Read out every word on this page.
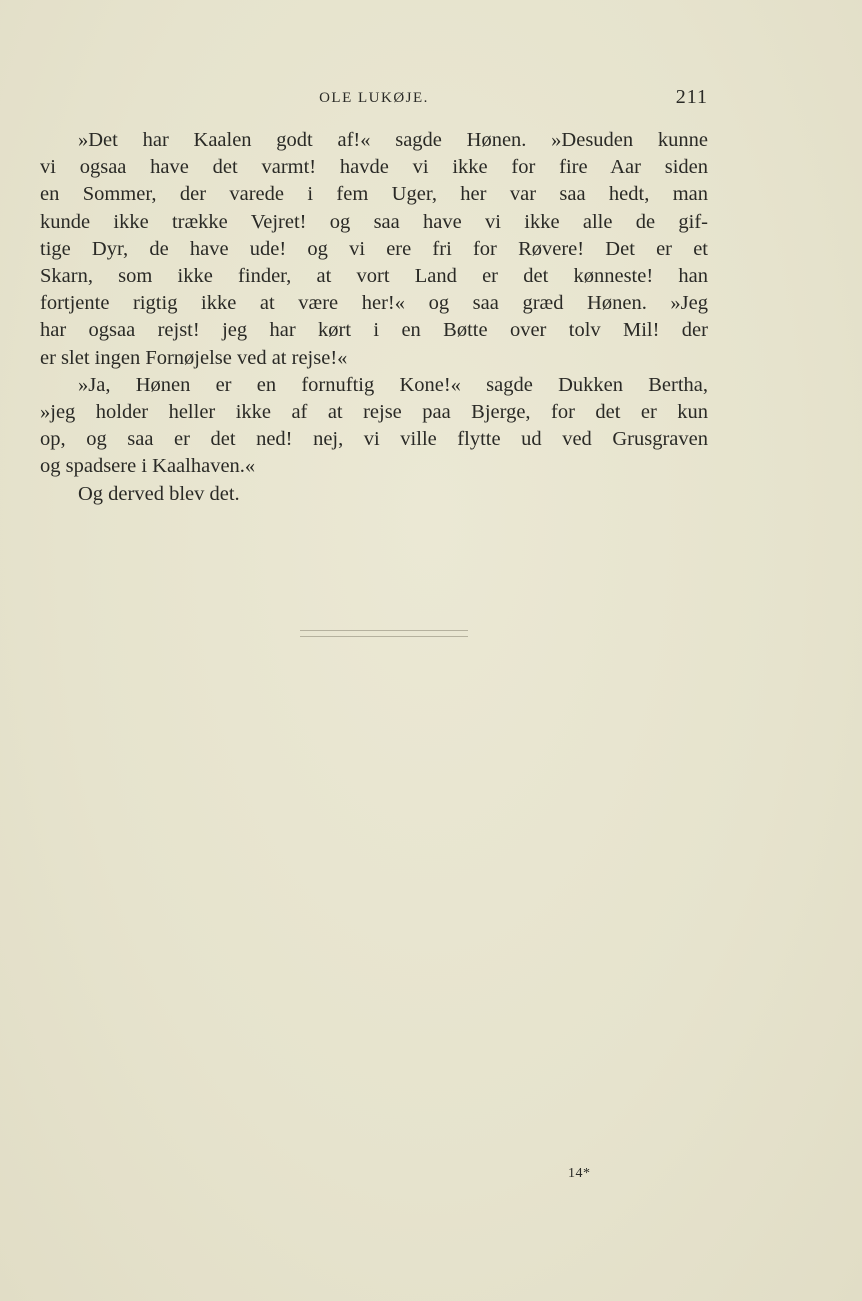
OLE LUKØJE.	211
»Det har Kaalen godt af!« sagde Hønen. »Desuden kunne
vi ogsaa have det varmt! havde vi ikke for fire Aar siden
en Sommer, der varede i fem Uger, her var saa hedt, man
kunde ikke trække Vejret! og saa have vi ikke alle de gif-
tige Dyr, de have ude! og vi ere fri for Røvere! Det er et
Skarn, som ikke finder, at vort Land er det kønneste! han
fortjente rigtig ikke at være her!« og saa græd Hønen. »Jeg
har ogsaa rejst! jeg har kørt i en Bøtte over tolv Mil! der
er slet ingen Fornøjelse ved at rejse!«
»Ja, Hønen er en fornuftig Kone!« sagde Dukken Bertha,
»jeg holder heller ikke af at rejse paa Bjerge, for det er kun
op, og saa er det ned! nej, vi ville flytte ud ved Grusgraven
og spadsere i Kaalhaven.«
Og derved blev det.
14*
